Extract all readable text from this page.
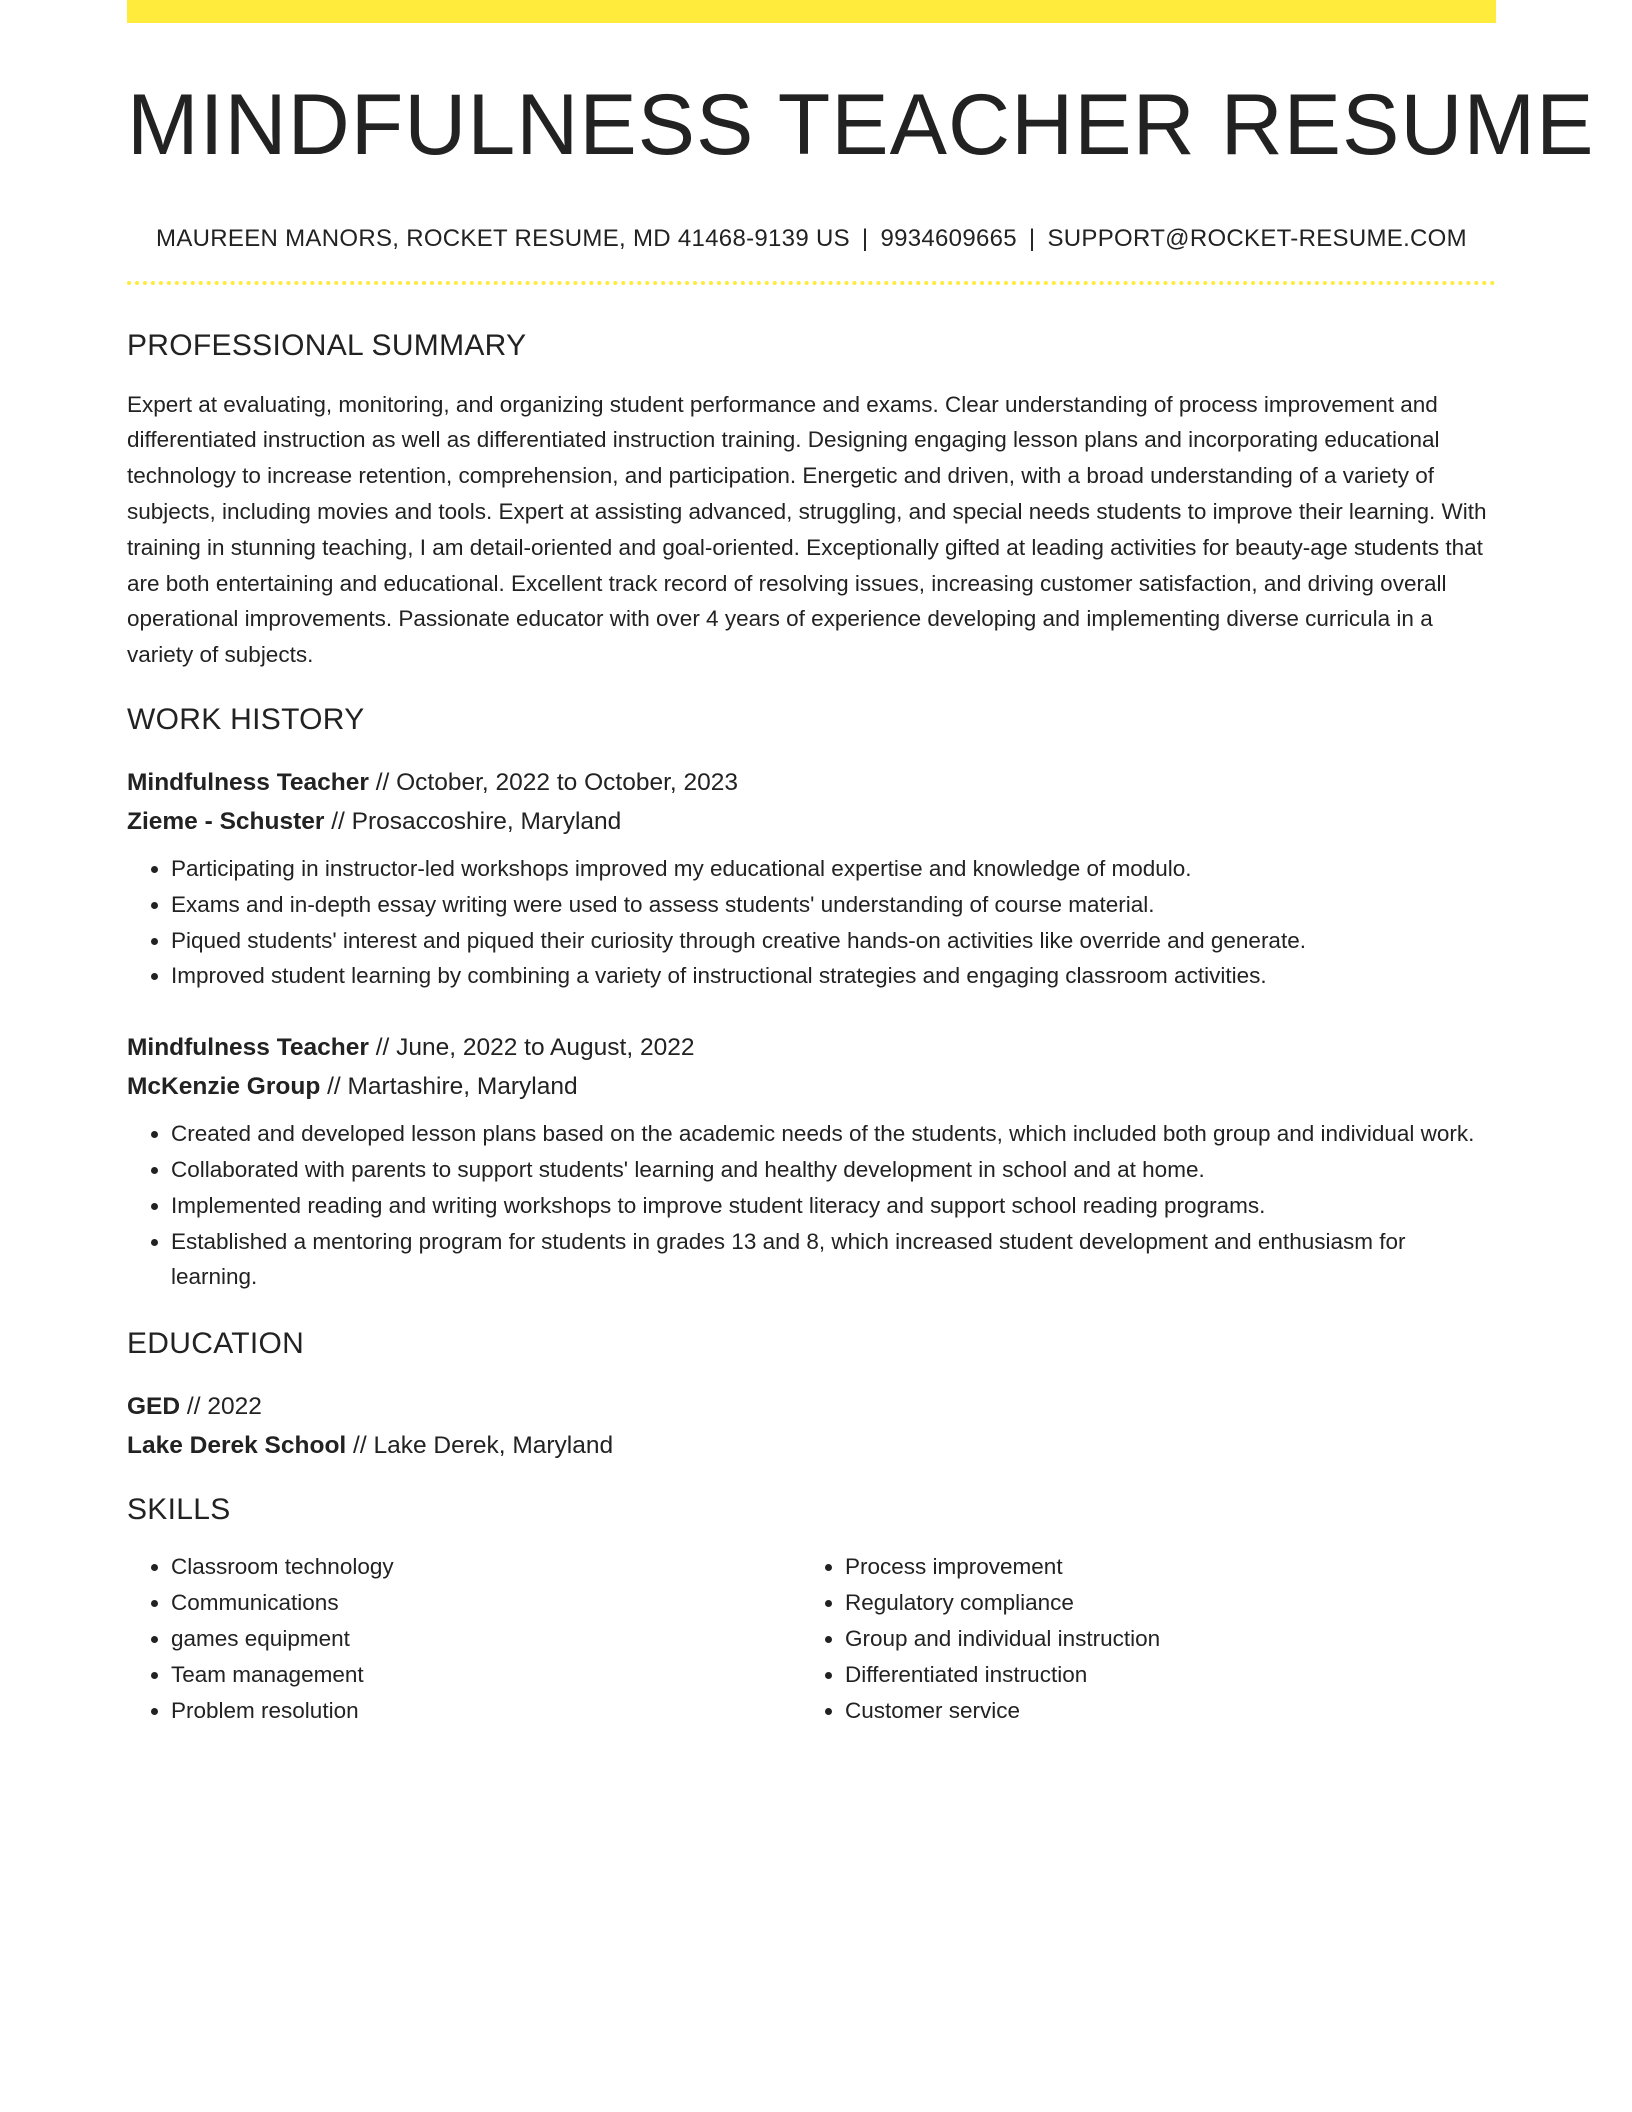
MINDFULNESS TEACHER RESUME
MAUREEN MANORS, ROCKET RESUME, MD 41468-9139 US | 9934609665 | SUPPORT@ROCKET-RESUME.COM
PROFESSIONAL SUMMARY

Expert at evaluating, monitoring, and organizing student performance and exams. Clear understanding of process improvement and differentiated instruction as well as differentiated instruction training. Designing engaging lesson plans and incorporating educational technology to increase retention, comprehension, and participation. Energetic and driven, with a broad understanding of a variety of subjects, including movies and tools. Expert at assisting advanced, struggling, and special needs students to improve their learning. With training in stunning teaching, I am detail-oriented and goal-oriented. Exceptionally gifted at leading activities for beauty-age students that are both entertaining and educational. Excellent track record of resolving issues, increasing customer satisfaction, and driving overall operational improvements. Passionate educator with over 4 years of experience developing and implementing diverse curricula in a variety of subjects.

WORK HISTORY
Mindfulness Teacher // October, 2022 to October, 2023
Zieme - Schuster // Prosaccoshire, Maryland
• Participating in instructor-led workshops improved my educational expertise and knowledge of modulo.
• Exams and in-depth essay writing were used to assess students' understanding of course material.
• Piqued students' interest and piqued their curiosity through creative hands-on activities like override and generate.
• Improved student learning by combining a variety of instructional strategies and engaging classroom activities.
Mindfulness Teacher // June, 2022 to August, 2022
McKenzie Group // Martashire, Maryland
• Created and developed lesson plans based on the academic needs of the students, which included both group and individual work.
• Collaborated with parents to support students' learning and healthy development in school and at home.
• Implemented reading and writing workshops to improve student literacy and support school reading programs.
• Established a mentoring program for students in grades 13 and 8, which increased student development and enthusiasm for learning.
EDUCATION
GED // 2022
Lake Derek School // Lake Derek, Maryland
SKILLS
• Classroom technology
• Communications
• games equipment
• Team management
• Problem resolution
• Process improvement
• Regulatory compliance
• Group and individual instruction
• Differentiated instruction
• Customer service
